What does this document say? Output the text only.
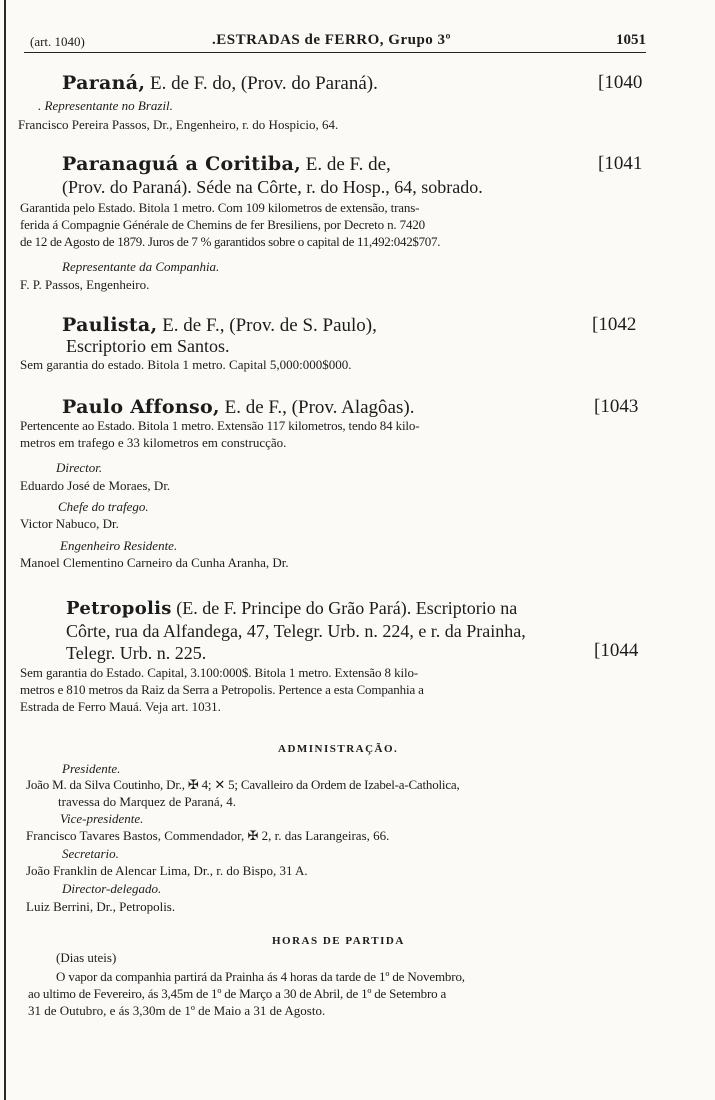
(art. 1040)	.ESTRADAS de FERRO, Grupo 3º	1051
Paraná, E. de F. do, (Prov. do Paraná).	[1040
. Representante no Brazil.
Francisco Pereira Passos, Dr., Engenheiro, r. do Hospicio, 64.
Paranaguá a Coritiba, E. de F. de,	[1041
(Prov. do Paraná). Séde na Côrte, r. do Hosp., 64, sobrado.
Garantida pelo Estado. Bitola 1 metro. Com 109 kilometros de extensão, trans-
ferida á Compagnie Générale de Chemins de fer Bresiliens, por Decreto n. 7420
de 12 de Agosto de 1879. Juros de 7 % garantidos sobre o capital de 11,492:042$707.
Representante da Companhia.
F. P. Passos, Engenheiro.
Paulista, E. de F., (Prov. de S. Paulo),	[1042
Escriptorio em Santos.
Sem garantia do estado. Bitola 1 metro. Capital 5,000:000$000.
Paulo Affonso, E. de F., (Prov. Alagôas).	[1043
Pertencente ao Estado. Bitola 1 metro. Extensão 117 kilometros, tendo 84 kilo-
metros em trafego e 33 kilometros em construcção.
Director.
Eduardo José de Moraes, Dr.
Chefe do trafego.
Victor Nabuco, Dr.
Engenheiro Residente.
Manoel Clementino Carneiro da Cunha Aranha, Dr.
Petropolis (E. de F. Principe do Grão Pará). Escriptorio na
Côrte, rua da Alfandega, 47, Telegr. Urb. n. 224, e r. da Prainha,
Telegr. Urb. n. 225.	[1044
Sem garantia do Estado. Capital, 3.100:000$. Bitola 1 metro. Extensão 8 kilo-
metros e 810 metros da Raiz da Serra a Petropolis. Pertence a esta Companhia a
Estrada de Ferro Mauá. Veja art. 1031.
ADMINISTRAÇÃO.
Presidente.
João M. da Silva Coutinho, Dr., ✠ 4; ✕ 5; Cavalleiro da Ordem de Izabel-a-Catholica,
travessa do Marquez de Paraná, 4.
Vice-presidente.
Francisco Tavares Bastos, Commendador, ✠ 2, r. das Larangeiras, 66.
Secretario.
João Franklin de Alencar Lima, Dr., r. do Bispo, 31 A.
Director-delegado.
Luiz Berrini, Dr., Petropolis.
HORAS DE PARTIDA
(Dias uteis)
O vapor da companhia partirá da Prainha ás 4 horas da tarde de 1º de Novembro,
ao ultimo de Fevereiro, ás 3,45m de 1º de Março a 30 de Abril, de 1º de Setembro a
31 de Outubro, e ás 3,30m de 1º de Maio a 31 de Agosto.
